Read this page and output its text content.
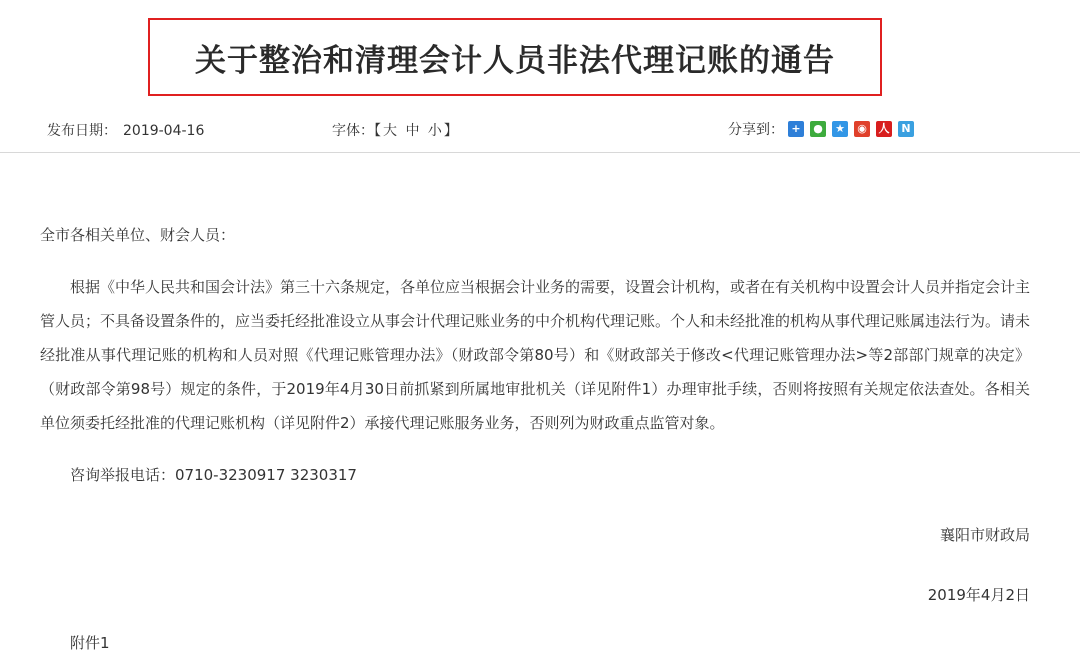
关于整治和清理会计人员非法代理记账的通告
发布日期： 2019-04-16	字体：【 大 中 小 】	分享到： +	● ★ ◉ 人	N

全市各相关单位、财会人员：

根据《中华人民共和国会计法》第三十六条规定，各单位应当根据会计业务的需要，设置会计机构，或者在有关机构中设置会计人员并指定会计主管人员；不具备设置条件的，应当委托经批准设立从事会计代理记账业务的中介机构代理记账。个人和未经批准的机构从事代理记账属违法行为。请未经批准从事代理记账的机构和人员对照《代理记账管理办法》（财政部令第80号）和《财政部关于修改<代理记账管理办法>等2部部门规章的决定》（财政部令第98号）规定的条件，于2019年4月30日前抓紧到所属地审批机关（详见附件1）办理审批手续，否则将按照有关规定依法查处。各相关单位须委托经批准的代理记账机构（详见附件2）承接代理记账服务业务，否则列为财政重点监管对象。

咨询举报电话：0710-3230917 3230317

襄阳市财政局

2019年4月2日

附件1
